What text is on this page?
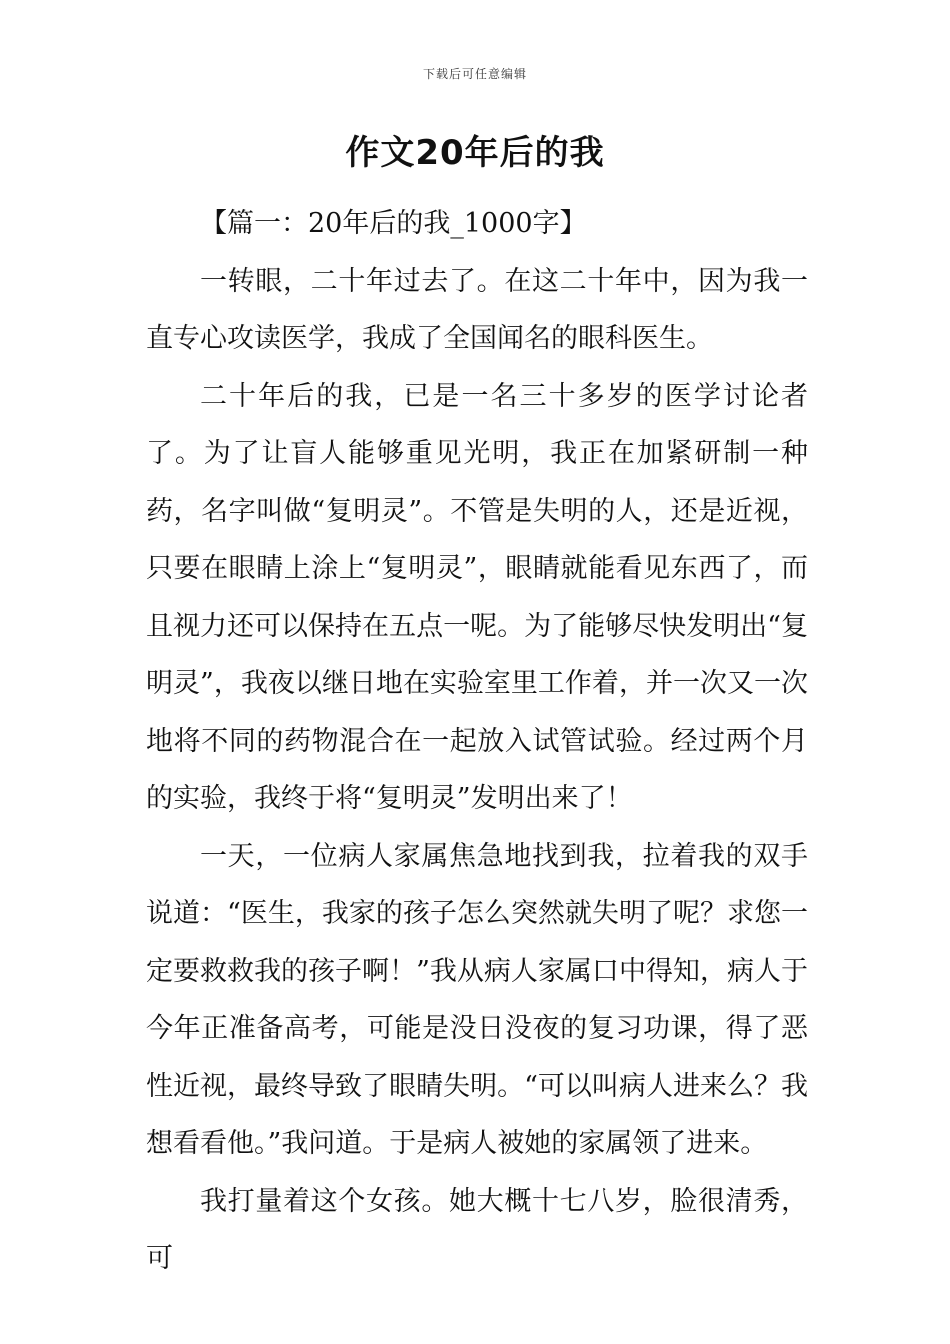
下载后可任意编辑
作文20年后的我

【篇一：20年后的我_1000字】

一转眼，二十年过去了。在这二十年中，因为我一直专心攻读医学，我成了全国闻名的眼科医生。

二十年后的我，已是一名三十多岁的医学讨论者了。为了让盲人能够重见光明，我正在加紧研制一种药，名字叫做“复明灵”。不管是失明的人，还是近视，只要在眼睛上涂上“复明灵”，眼睛就能看见东西了，而且视力还可以保持在五点一呢。为了能够尽快发明出“复明灵”，我夜以继日地在实验室里工作着，并一次又一次地将不同的药物混合在一起放入试管试验。经过两个月的实验，我终于将“复明灵”发明出来了！

一天，一位病人家属焦急地找到我，拉着我的双手说道：“医生，我家的孩子怎么突然就失明了呢？求您一定要救救我的孩子啊！”我从病人家属口中得知，病人于今年正准备高考，可能是没日没夜的复习功课，得了恶性近视，最终导致了眼睛失明。“可以叫病人进来么？我想看看他。”我问道。于是病人被她的家属领了进来。

我打量着这个女孩。她大概十七八岁，脸很清秀，可
